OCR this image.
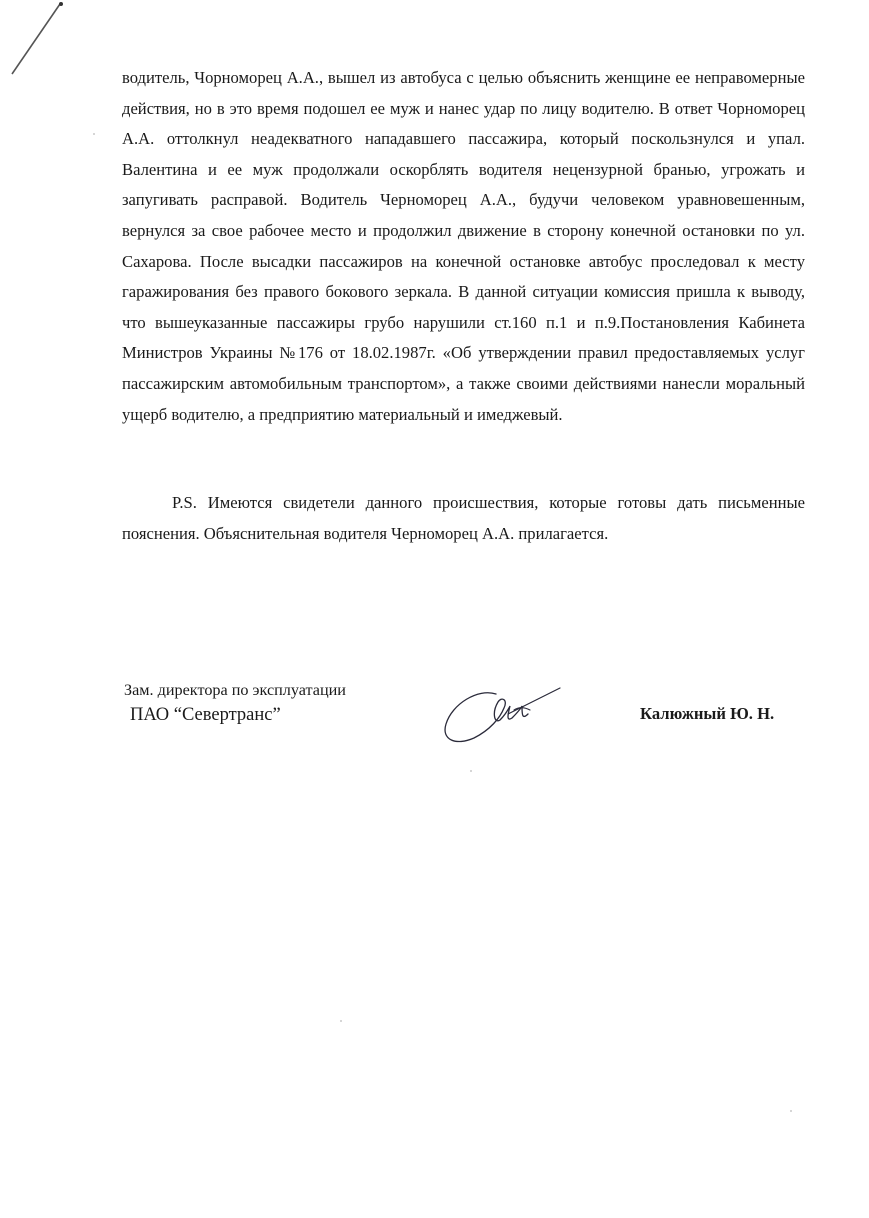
водитель, Чорноморец А.А., вышел из автобуса с целью объяснить женщине ее неправомерные действия, но в это время подошел ее муж и нанес удар по лицу водителю. В ответ Чорноморец А.А. оттолкнул неадекватного нападавшего пассажира, который поскользнулся и упал. Валентина и ее муж продолжали оскорблять водителя нецензурной бранью, угрожать и запугивать расправой. Водитель Черноморец А.А., будучи человеком уравновешенным, вернулся за свое рабочее место и продолжил движение в сторону конечной остановки по ул. Сахарова. После высадки пассажиров на конечной остановке автобус проследовал к месту гаражирования без правого бокового зеркала. В данной ситуации комиссия пришла к выводу, что вышеуказанные пассажиры грубо нарушили ст.160 п.1 и п.9.Постановления Кабинета Министров Украины №176 от 18.02.1987г. «Об утверждении правил предоставляемых услуг пассажирским автомобильным транспортом», а также своими действиями нанесли моральный ущерб водителю, а предприятию материальный и имеджевый.

P.S. Имеются свидетели данного происшествия, которые готовы дать письменные пояснения. Объяснительная водителя Черноморец А.А. прилагается.

Зам. директора по эксплуатации
ПАО “Севертранс”	Калюжный Ю. Н.
